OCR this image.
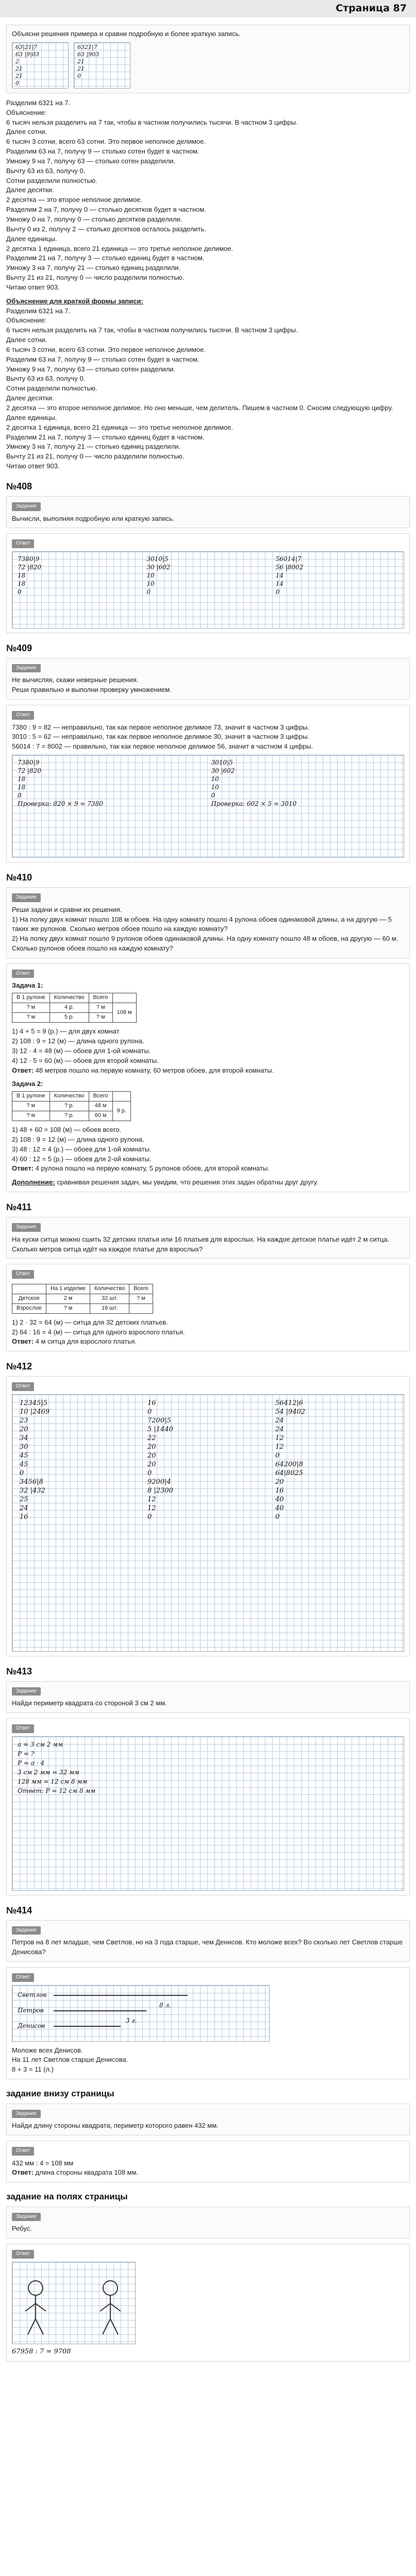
Страница 87

Объясни решения примера и сравни подробную и более краткую запись.

63|21|7
63 |9|03
2
21
21
0
6321|7
63 |903
21
21
0

Разделим 6321 на 7.

Объяснение:

6 тысяч нельзя разделить на 7 так, чтобы в частном получились тысячи. В частном 3 цифры.

Далее сотни.

6 тысяч 3 сотни, всего 63 сотни. Это первое неполное делимое.

Разделим 63 на 7, получу 9 — столько сотен будет в частном.

Умножу 9 на 7, получу 63 — столько сотен разделили.

Вычту 63 из 63, получу 0.

Сотни разделили полностью.

Далее десятки.

2 десятка — это второе неполное делимое.

Разделим 2 на 7, получу 0 — столько десятков будет в частном.

Умножу 0 на 7, получу 0 — столько десятков разделили.

Вычту 0 из 2, получу 2 — столько десятков осталось разделить.

Далее единицы.

2 десятка 1 единица, всего 21 единица — это третье неполное делимое.

Разделим 21 на 7, получу 3 — столько единиц будет в частном.

Умножу 3 на 7, получу 21 — столько единиц разделили.

Вычту 21 из 21, получу 0 — число разделили полностью.

Читаю ответ 903.

Объяснение для краткой формы записи:

Разделим 6321 на 7.

Объяснение:

6 тысяч нельзя разделить на 7 так, чтобы в частном получились тысячи. В частном 3 цифры.

Далее сотни.

6 тысяч 3 сотни, всего 63 сотни. Это первое неполное делимое.

Разделим 63 на 7, получу 9 — столько сотен будет в частном.

Умножу 9 на 7, получу 63 — столько сотен разделили.

Вычту 63 из 63, получу 0.

Сотни разделили полностью.

Далее десятки.

2 десятка — это второе неполное делимое. Но оно меньше, чем делитель. Пишем в частном 0. Сносим следующую цифру.

Далее единицы.

2 десятка 1 единица, всего 21 единица — это третье неполное делимое.

Разделим 21 на 7, получу 3 — столько единиц будет в частном.

Умножу 3 на 7, получу 21 — столько единиц разделили.

Вычту 21 из 21, получу 0 — число разделили полностью.

Читаю ответ 903.

№408
Задание

Вычисли, выполняя подробную или краткую запись.

Ответ
7380|9
72 |820
18
18
0
3010|5
30 |602
10
10
0
56014|7
56 |8002
14
14
0
№409
Задание

Не вычисляя, скажи неверные решения.

Реши правильно и выполни проверку умножением.

Ответ

7380 : 9 = 82 — неправильно, так как первое неполное делимое 73, значит в частном 3 цифры.

3010 : 5 = 62 — неправильно, так как первое неполное делимое 30, значит в частном 3 цифры.

56014 : 7 = 8002 — правильно, так как первое неполное делимое 56, значит в частном 4 цифры.

7380|9
72 |820
18
18
0
Проверка: 820 × 9 = 7380
3010|5
30 |602
10
10
0
Проверка: 602 × 5 = 3010
№410
Задание

Реши задачи и сравни их решения.

1) На полку двух комнат пошло 108 м обоев. На одну комнату пошло 4 рулона обоев одинаковой длины, а на другую — 5 таких же рулонов. Сколько метров обоев пошло на каждую комнату?

2) На полку двух комнат пошло 9 рулонов обоев одинаковой длины. На одну комнату пошло 48 м обоев, на другую — 60 м. Сколько рулонов обоев пошло на каждую комнату?

Ответ

Задача 1:

В 1 рулоне	Количество	Всего	
? м	4 р.	? м	108 м
? м	5 р.	? м	

1) 4 + 5 = 9 (р.) — для двух комнат

2) 108 : 9 = 12 (м) — длина одного рулона.

3) 12 · 4 = 48 (м) — обоев для 1-ой комнаты.

4) 12 · 5 = 60 (м) — обоев для второй комнаты.

Ответ: 48 метров пошло на первую комнату, 60 метров обоев, для второй комнаты.

Задача 2:

В 1 рулоне	Количество	Всего	
? м	? р.	48 м	9 р.
? м	? р.	60 м	

1) 48 + 60 = 108 (м) — обоев всего.

2) 108 : 9 = 12 (м) — длина одного рулона.

3) 48 : 12 = 4 (р.) — обоев для 1-ой комнаты.

4) 60 : 12 = 5 (р.) — обоев для 2-ой комнаты.

Ответ: 4 рулона пошло на первую комнату, 5 рулонов обоев, для второй комнаты.

Дополнение: сравнивая решения задач, мы увидим, что решения этих задач обратны друг другу.

№411
Задание

На куски ситца можно сшить 32 детских платья или 16 платьев для взрослых. На каждое детское платье идёт 2 м ситца. Сколько метров ситца идёт на каждое платье для взрослых?

Ответ
	На 1 изделие	Количество	Всего
Детское	2 м	32 шт.	? м
Взрослое	? м	16 шт.	

1) 2 · 32 = 64 (м) — ситца для 32 детских платьев.

2) 64 : 16 = 4 (м) — ситца для одного взрослого платья.

Ответ: 4 м ситца для взрослого платья.

№412
Ответ
12345|5
10 |2469
23
20
34
30
45
45
0
3456|8
32 |432
25
24
16
16
0
7200|5
5 |1440
22
20
20
20
0
9200|4
8 |2300
12
12
0
56412|6
54 |9402
24
24
12
12
0
64200|8
64|8025
20
16
40
40
0
№413
Задание

Найди периметр квадрата со стороной 3 см 2 мм.

Ответ
a = 3 см 2 мм
P = ?
P = a · 4
3 см 2 мм = 32 мм
128 мм = 12 см 8 мм
Ответ: P = 12 см 8 мм
№414
Задание

Петров на 8 лет младше, чем Светлов, но на 3 года старше, чем Денисов. Кто моложе всех? Во сколько лет Светлов старше Денисова?

Ответ
Светлов
Петров
Денисов
8 л.
3 г.

Моложе всех Денисов.

На 11 лет Светлов старше Денисова.

8 + 3 = 11 (л.)

задание внизу страницы
Задание

Найди длину стороны квадрата, периметр которого равен 432 мм.

Ответ

432 мм : 4 = 108 мм

Ответ: длина стороны квадрата 108 мм.

задание на полях страницы
Задание

Ребус.

Ответ

67958 : 7 = 9708
